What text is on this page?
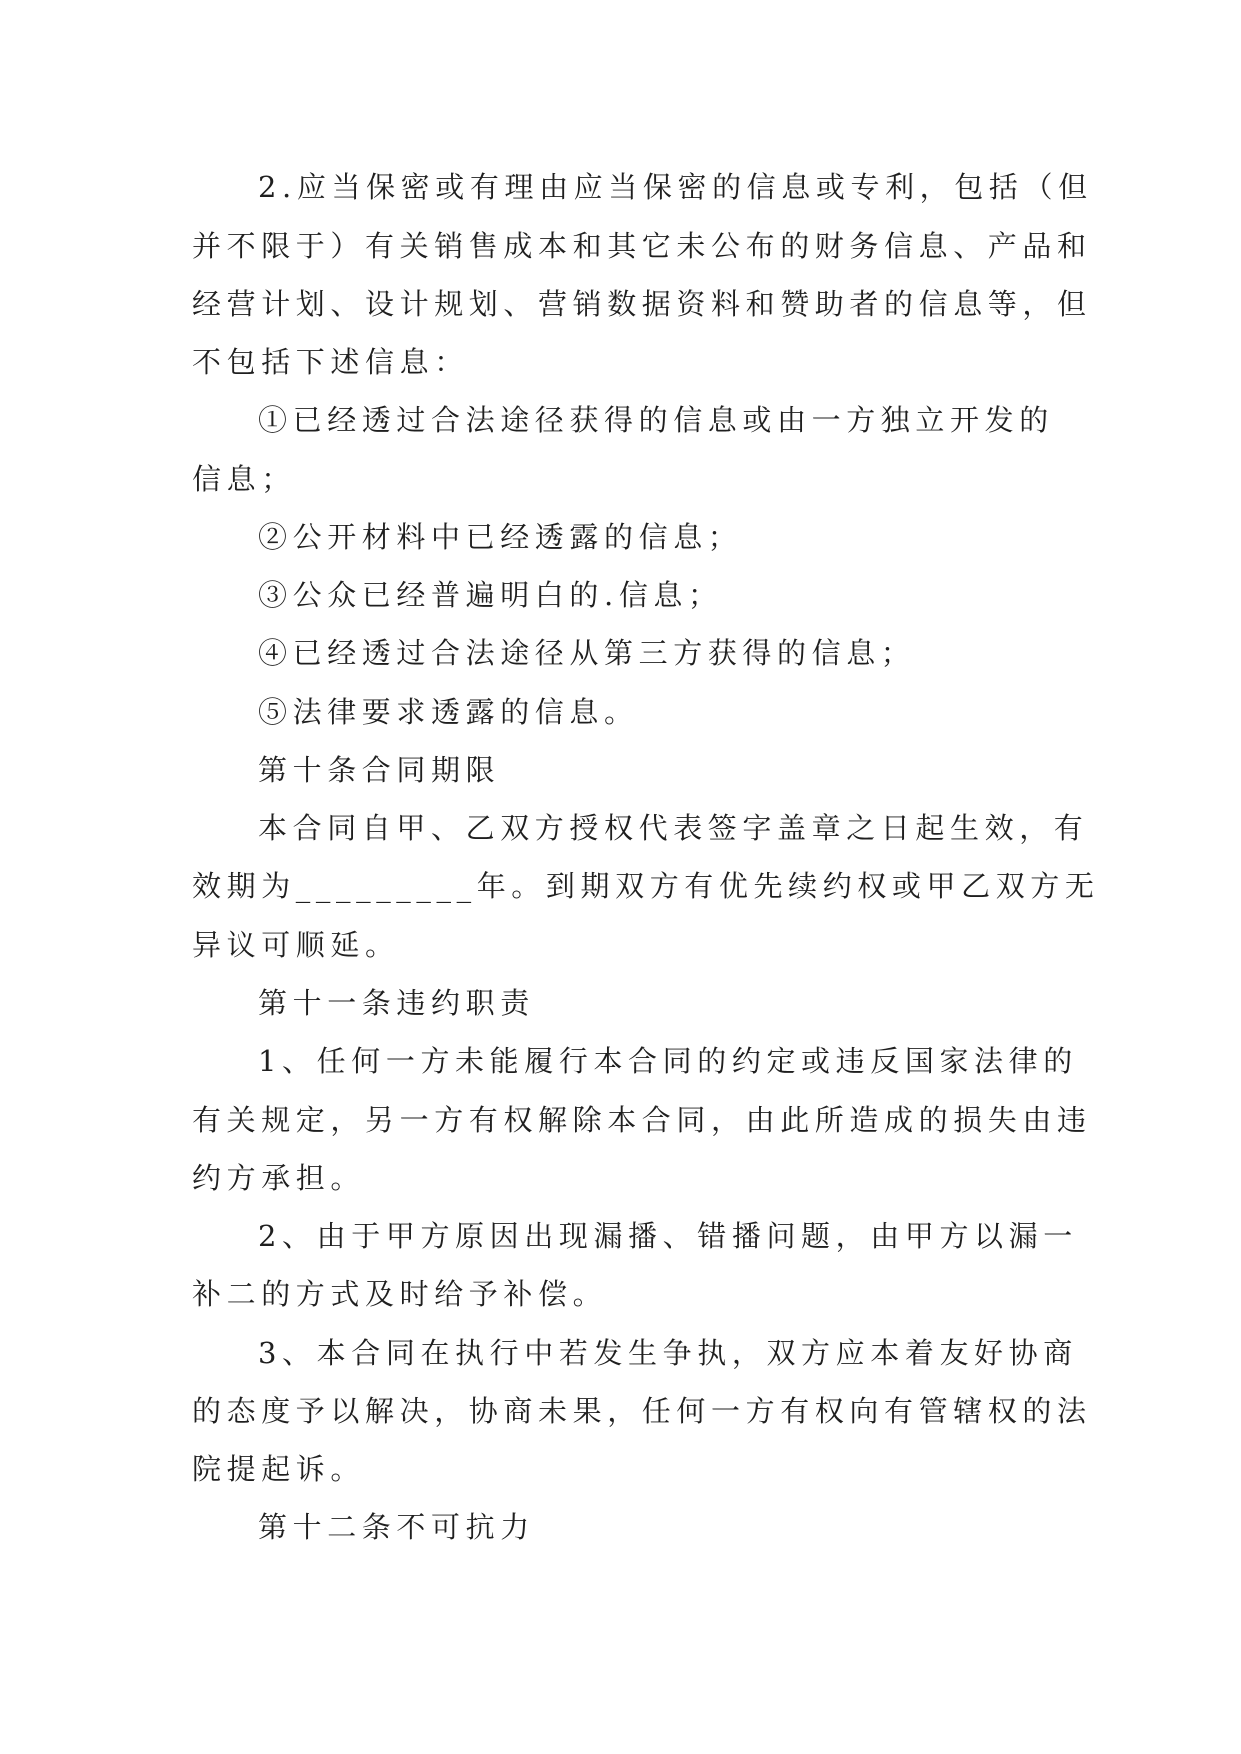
2.应当保密或有理由应当保密的信息或专利，包括（但
并不限于）有关销售成本和其它未公布的财务信息、产品和
经营计划、设计规划、营销数据资料和赞助者的信息等，但
不包括下述信息：
①已经透过合法途径获得的信息或由一方独立开发的
信息；
②公开材料中已经透露的信息；
③公众已经普遍明白的.信息；
④已经透过合法途径从第三方获得的信息；
⑤法律要求透露的信息。
第十条合同期限
本合同自甲、乙双方授权代表签字盖章之日起生效，有
效期为_________年。到期双方有优先续约权或甲乙双方无
异议可顺延。
第十一条违约职责
1、任何一方未能履行本合同的约定或违反国家法律的
有关规定，另一方有权解除本合同，由此所造成的损失由违
约方承担。
2、由于甲方原因出现漏播、错播问题，由甲方以漏一
补二的方式及时给予补偿。
3、本合同在执行中若发生争执，双方应本着友好协商
的态度予以解决，协商未果，任何一方有权向有管辖权的法
院提起诉。
第十二条不可抗力
